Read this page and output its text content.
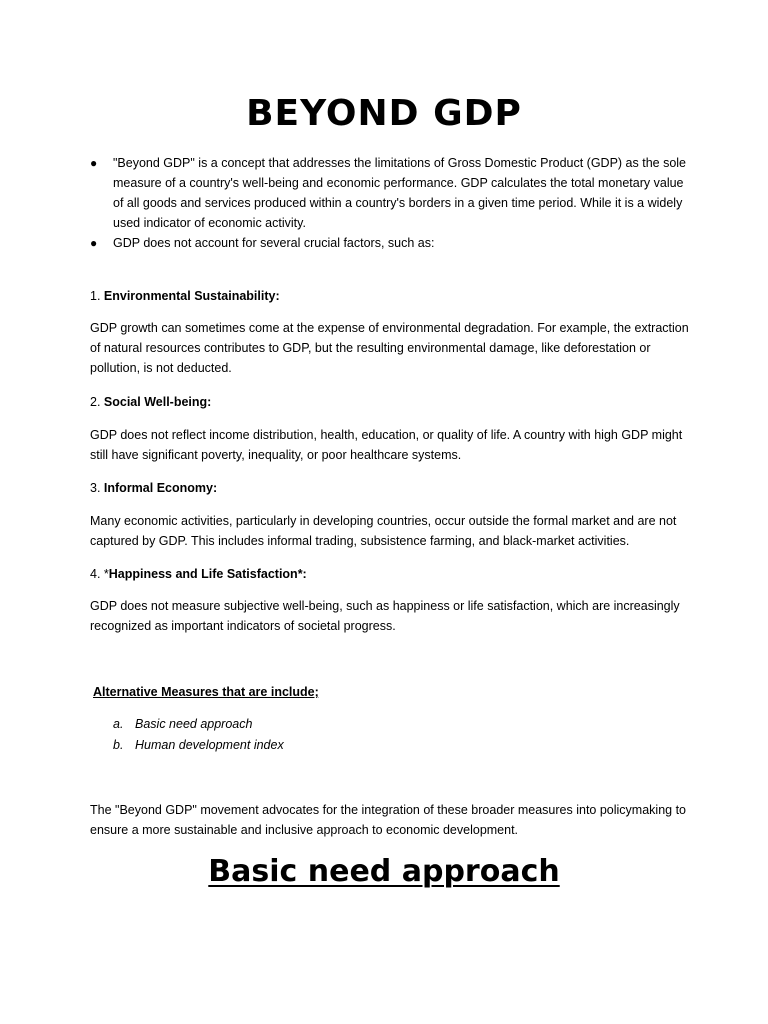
BEYOND GDP
● "Beyond GDP" is a concept that addresses the limitations of Gross Domestic Product (GDP) as the sole measure of a country's well-being and economic performance. GDP calculates the total monetary value of all goods and services produced within a country's borders in a given time period. While it is a widely used indicator of economic activity.
● GDP does not account for several crucial factors, such as:

1. Environmental Sustainability:

GDP growth can sometimes come at the expense of environmental degradation. For example, the extraction of natural resources contributes to GDP, but the resulting environmental damage, like deforestation or pollution, is not deducted.

2. Social Well-being:

GDP does not reflect income distribution, health, education, or quality of life. A country with high GDP might still have significant poverty, inequality, or poor healthcare systems.

3. Informal Economy:

Many economic activities, particularly in developing countries, occur outside the formal market and are not captured by GDP. This includes informal trading, subsistence farming, and black-market activities.

4. *Happiness and Life Satisfaction*:

GDP does not measure subjective well-being, such as happiness or life satisfaction, which are increasingly recognized as important indicators of societal progress.

Alternative Measures that are include;

a. Basic need approach
b. Human development index

The "Beyond GDP" movement advocates for the integration of these broader measures into policymaking to ensure a more sustainable and inclusive approach to economic development.

Basic need approach
